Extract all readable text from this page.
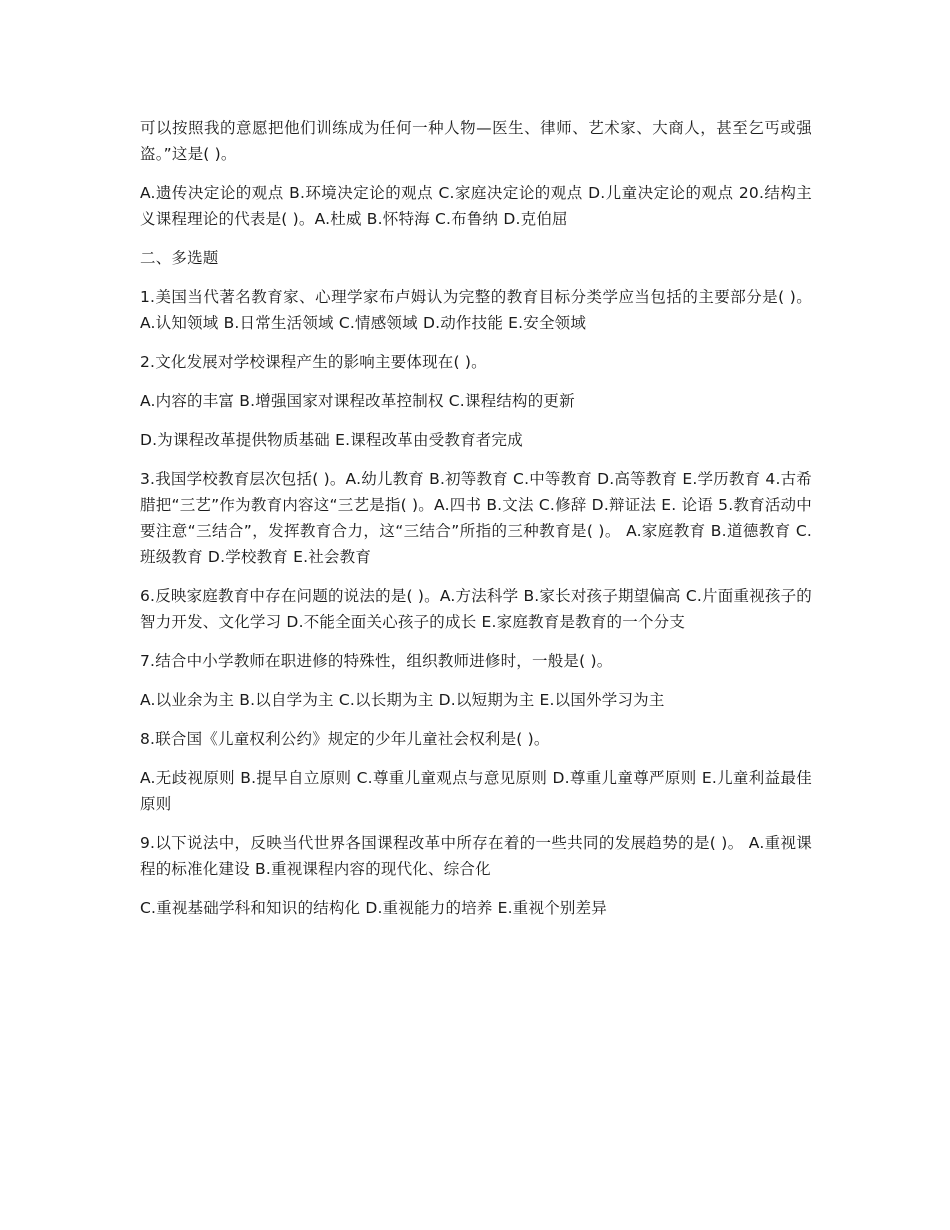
可以按照我的意愿把他们训练成为任何一种人物—医生、律师、艺术家、大商人，甚至乞丐或强盗。”这是( )。

A.遗传决定论的观点 B.环境决定论的观点 C.家庭决定论的观点 D.儿童决定论的观点 20.结构主义课程理论的代表是( )。A.杜威 B.怀特海 C.布鲁纳 D.克伯屈

二、多选题

1.美国当代著名教育家、心理学家布卢姆认为完整的教育目标分类学应当包括的主要部分是( )。 A.认知领域 B.日常生活领域 C.情感领域 D.动作技能 E.安全领域

2.文化发展对学校课程产生的影响主要体现在( )。

A.内容的丰富 B.增强国家对课程改革控制权 C.课程结构的更新

D.为课程改革提供物质基础 E.课程改革由受教育者完成

3.我国学校教育层次包括( )。A.幼儿教育 B.初等教育 C.中等教育 D.高等教育 E.学历教育 4.古希腊把“三艺”作为教育内容这“三艺是指( )。A.四书 B.文法 C.修辞 D.辩证法 E. 论语 5.教育活动中要注意“三结合”，发挥教育合力，这“三结合”所指的三种教育是( )。 A.家庭教育 B.道德教育 C.班级教育 D.学校教育 E.社会教育

6.反映家庭教育中存在问题的说法的是( )。A.方法科学 B.家长对孩子期望偏高 C.片面重视孩子的智力开发、文化学习 D.不能全面关心孩子的成长 E.家庭教育是教育的一个分支

7.结合中小学教师在职进修的特殊性，组织教师进修时，一般是( )。

A.以业余为主 B.以自学为主 C.以长期为主 D.以短期为主 E.以国外学习为主

8.联合国《儿童权利公约》规定的少年儿童社会权利是( )。

A.无歧视原则 B.提早自立原则 C.尊重儿童观点与意见原则 D.尊重儿童尊严原则 E.儿童利益最佳原则

9.以下说法中，反映当代世界各国课程改革中所存在着的一些共同的发展趋势的是( )。 A.重视课程的标准化建设 B.重视课程内容的现代化、综合化

C.重视基础学科和知识的结构化 D.重视能力的培养 E.重视个别差异
